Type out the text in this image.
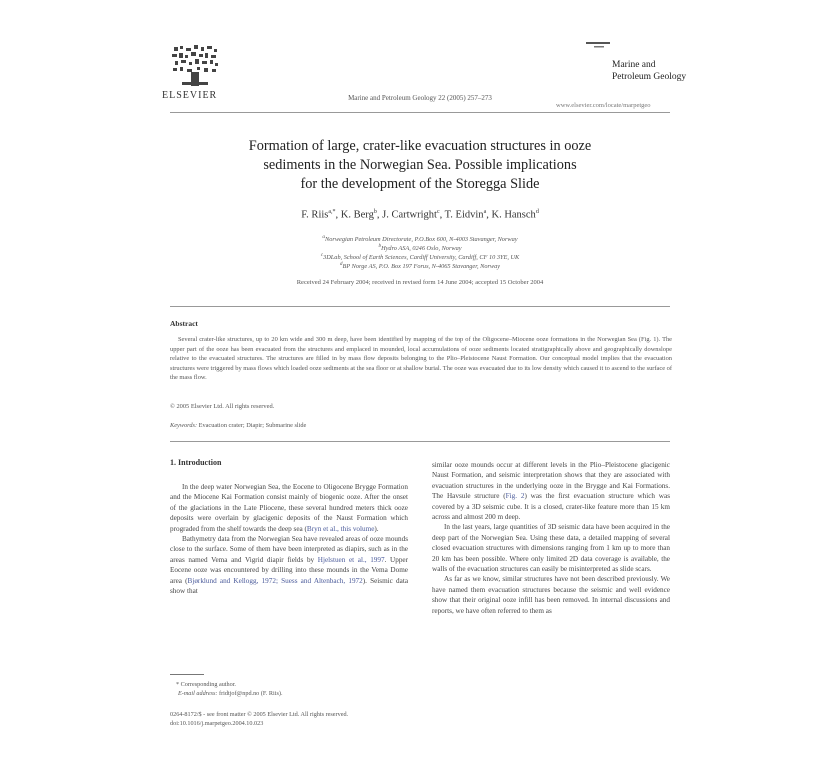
ELSEVIER	Marine and Petroleum Geology 22 (2005) 257–273
Marine and
Petroleum Geology
www.elsevier.com/locate/marpetgeo
Formation of large, crater-like evacuation structures in ooze
sediments in the Norwegian Sea. Possible implications
for the development of the Storegga Slide
F. Riis$^{a,*}$, K. Berg$^b$, J. Cartwright$^c$, T. Eidvin$^a$, K. Hansch$^d$
$^a$Norwegian Petroleum Directorate, P.O.Box 600, N-4003 Stavanger, Norway
$^b$Hydro ASA, 0246 Oslo, Norway
$^c$3DLab, School of Earth Sciences, Cardiff University, Cardiff, CF 10 3YE, UK
$^d$BP Norge AS, P.O. Box 197 Forus, N-4065 Stavanger, Norway
Received 24 February 2004; received in revised form 14 June 2004; accepted 15 October 2004
Abstract
Several crater-like structures, up to 20 km wide and 300 m deep, have been identified by mapping of the top of the Oligocene–Miocene ooze formations in the Norwegian Sea (Fig. 1). The upper part of the ooze has been evacuated from the structures and emplaced in mounded, local accumulations of ooze sediments located stratigraphically above and geographically downslope relative to the evacuated structures. The structures are filled in by mass flow deposits belonging to the Plio–Pleistocene Naust Formation. Our conceptual model implies that the evacuation structures were triggered by mass flows which loaded ooze sediments at the sea floor or at shallow burial. The ooze was evacuated due to its low density which caused it to ascend to the surface of the mass flow.
© 2005 Elsevier Ltd. All rights reserved.
Keywords: Evacuation crater; Diapir; Submarine slide
1. Introduction

In the deep water Norwegian Sea, the Eocene to Oligocene Brygge Formation and the Miocene Kai Formation consist mainly of biogenic ooze. After the onset of the glaciations in the Late Pliocene, these several hundred meters thick ooze deposits were overlain by glacigenic deposits of the Naust Formation which prograded from the shelf towards the deep sea (Bryn et al., this volume).

Bathymetry data from the Norwegian Sea have revealed areas of ooze mounds close to the surface. Some of them have been interpreted as diapirs, such as in the areas named Vema and Vigrid diapir fields by Hjelstuen et al., 1997. Upper Eocene ooze was encountered by drilling into these mounds in the Vema Dome area (Bjørklund and Kellogg, 1972; Suess and Altenbach, 1972). Seismic data show that

similar ooze mounds occur at different levels in the Plio–Pleistocene glacigenic Naust Formation, and seismic interpretation shows that they are associated with evacuation structures in the underlying ooze in the Brygge and Kai Formations. The Havsule structure (Fig. 2) was the first evacuation structure which was covered by a 3D seismic cube. It is a closed, crater-like feature more than 15 km across and almost 200 m deep.

In the last years, large quantities of 3D seismic data have been acquired in the deep part of the Norwegian Sea. Using these data, a detailed mapping of several closed evacuation structures with dimensions ranging from 1 km up to more than 20 km has been possible. Where only limited 2D data coverage is available, the walls of the evacuation structures can easily be misinterpreted as slide scars.

As far as we know, similar structures have not been described previously. We have named them evacuation structures because the seismic and well evidence show that their original ooze infill has been removed. In internal discussions and reports, we have often referred to them as

* Corresponding author.
E-mail address: fridtjof@npd.no (F. Riis).
0264-8172/$ - see front matter © 2005 Elsevier Ltd. All rights reserved.
doi:10.1016/j.marpetgeo.2004.10.023
